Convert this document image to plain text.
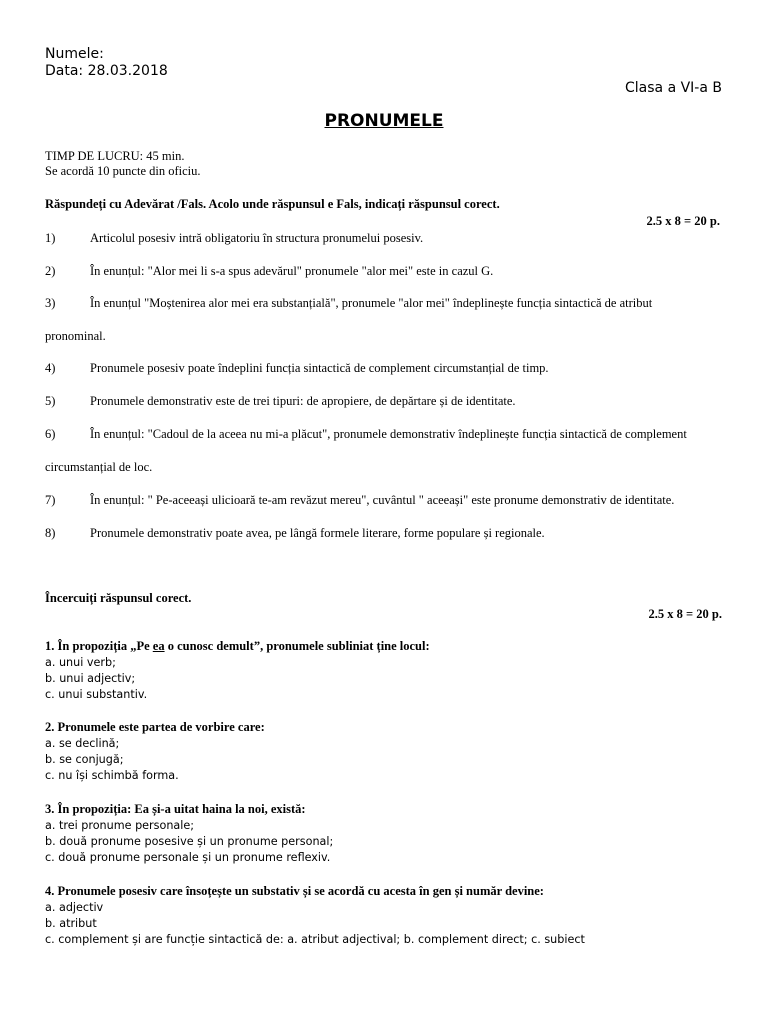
Numele:
Data: 28.03.2018
Clasa a VI-a B
PRONUMELE
TIMP DE LUCRU: 45 min.
Se acordă 10 puncte din oficiu.
Răspundeți cu Adevărat /Fals. Acolo unde răspunsul e Fals, indicați răspunsul corect.
2.5 x 8 = 20 p.
1)	Articolul posesiv intră obligatoriu în structura pronumelui posesiv.
2)	În enunțul: "Alor mei li s-a spus adevărul" pronumele "alor mei" este in cazul G.
3)	În enunțul "Moștenirea alor mei era substanțială", pronumele "alor mei" îndeplinește funcția sintactică de atribut
pronominal.
4)	Pronumele posesiv poate îndeplini funcția sintactică de complement circumstanțial de timp.
5)	Pronumele demonstrativ este de trei tipuri: de apropiere, de depărtare și de identitate.
6)	În enunțul: "Cadoul de la aceea nu mi-a plăcut", pronumele demonstrativ îndeplinește funcția sintactică de complement
circumstanțial de loc.
7)	În enunțul: " Pe-aceeași ulicioară te-am revăzut mereu", cuvântul " aceeași" este pronume demonstrativ de identitate.
8)	Pronumele demonstrativ poate avea, pe lângă formele literare, forme populare și regionale.
Încercuiți răspunsul corect.
2.5 x 8 = 20 p.
1. În propoziția „Pe ea o cunosc demult”, pronumele subliniat ține locul:
a. unui verb;
b. unui adjectiv;
c. unui substantiv.
2. Pronumele este partea de vorbire care:
a. se declină;
b. se conjugă;
c. nu își schimbă forma.
3. În propoziția: Ea și-a uitat haina la noi, există:
a. trei pronume personale;
b. două pronume posesive și un pronume personal;
c. două pronume personale și un pronume reflexiv.
4. Pronumele posesiv care însoțește un substativ și se acordă cu acesta în gen și număr devine:
a. adjectiv
b. atribut
c. complement și are funcție sintactică de: a. atribut adjectival; b. complement direct; c. subiect
